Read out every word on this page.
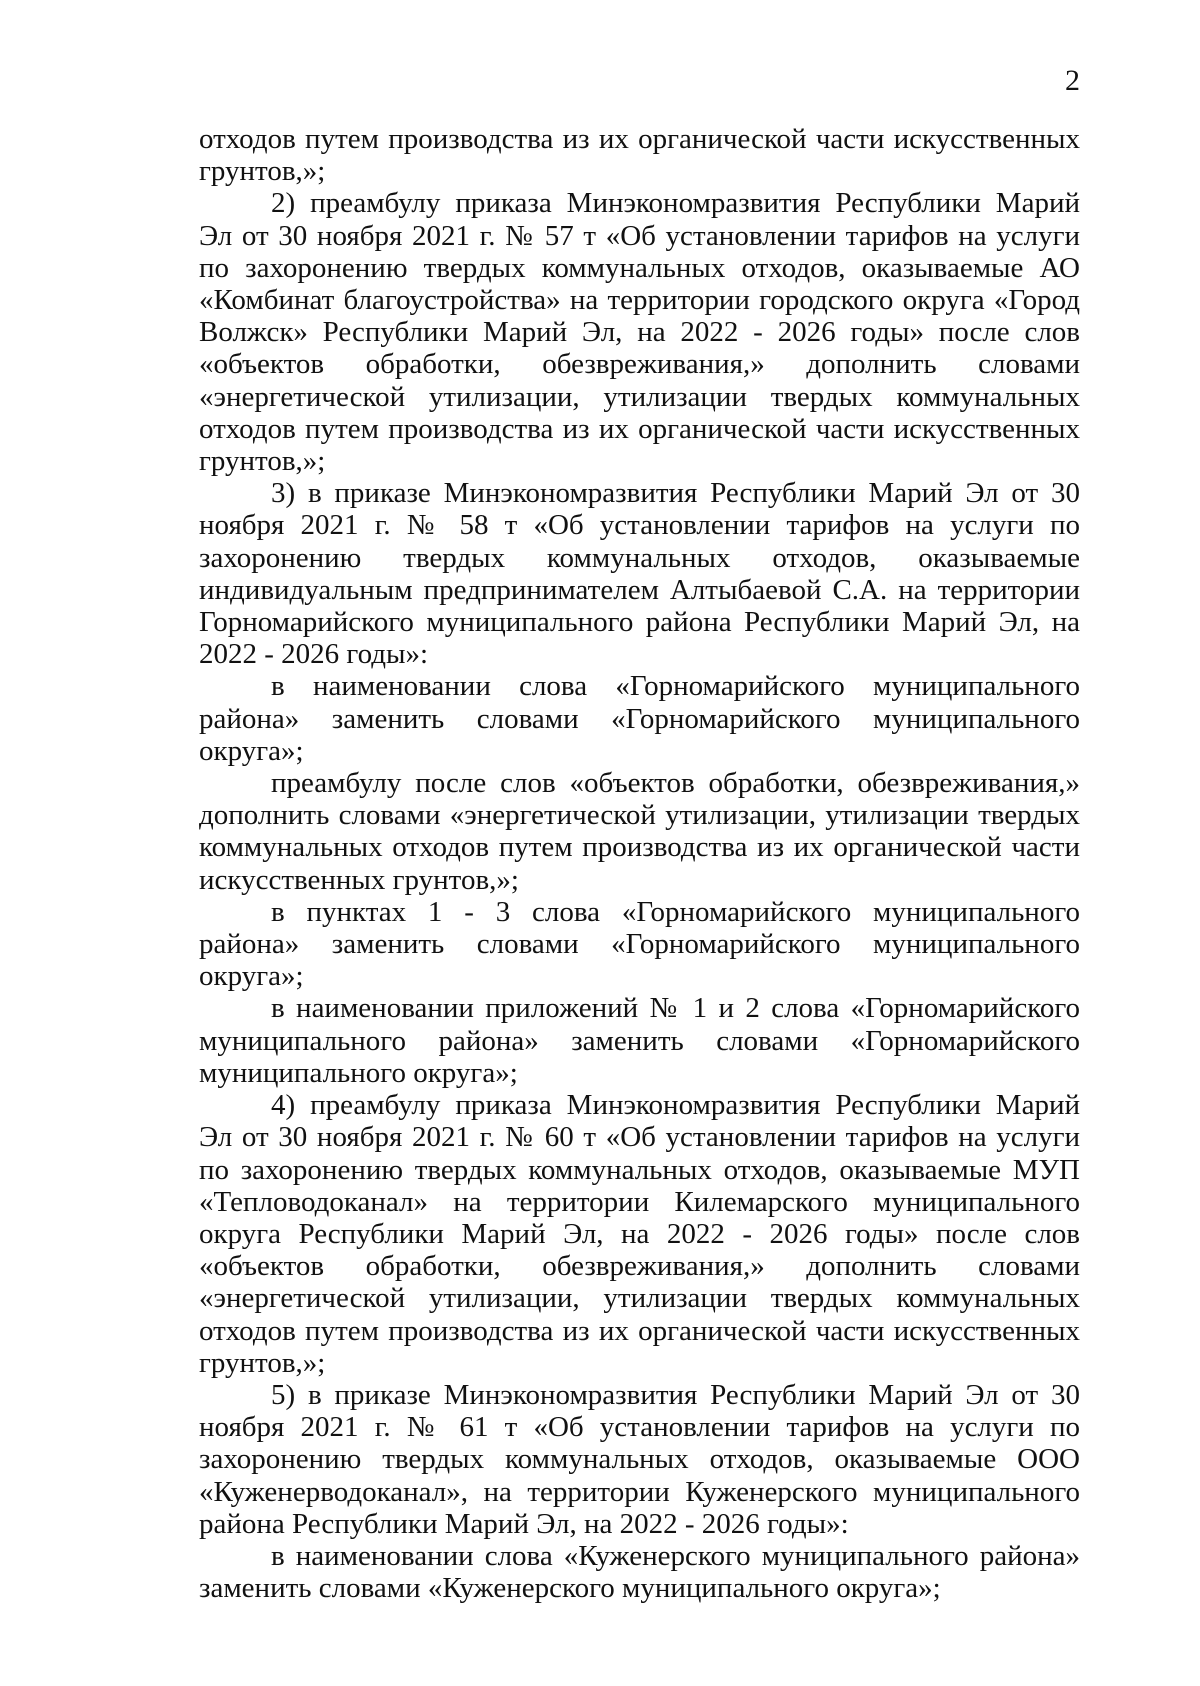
2

отходов путем производства из их органической части искусственных грунтов,»;

2) преамбулу приказа Минэкономразвития Республики Марий Эл от 30 ноября 2021 г. № 57 т «Об установлении тарифов на услуги по захоронению твердых коммунальных отходов, оказываемые АО «Комбинат благоустройства» на территории городского округа «Город Волжск» Республики Марий Эл, на 2022 - 2026 годы» после слов «объектов обработки, обезвреживания,» дополнить словами «энергетической утилизации, утилизации твердых коммунальных отходов путем производства из их органической части искусственных грунтов,»;

3) в приказе Минэкономразвития Республики Марий Эл от 30 ноября 2021 г. № 58 т «Об установлении тарифов на услуги по захоронению твердых коммунальных отходов, оказываемые индивидуальным предпринимателем Алтыбаевой С.А. на территории Горномарийского муниципального района Республики Марий Эл, на 2022 - 2026 годы»:

в наименовании слова «Горномарийского муниципального района» заменить словами «Горномарийского муниципального округа»;

преамбулу после слов «объектов обработки, обезвреживания,» дополнить словами «энергетической утилизации, утилизации твердых коммунальных отходов путем производства из их органической части искусственных грунтов,»;

в пунктах 1 - 3 слова «Горномарийского муниципального района» заменить словами «Горномарийского муниципального округа»;

в наименовании приложений № 1 и 2 слова «Горномарийского муниципального района» заменить словами «Горномарийского муниципального округа»;

4) преамбулу приказа Минэкономразвития Республики Марий Эл от 30 ноября 2021 г. № 60 т «Об установлении тарифов на услуги по захоронению твердых коммунальных отходов, оказываемые МУП «Тепловодоканал» на территории Килемарского муниципального округа Республики Марий Эл, на 2022 - 2026 годы» после слов «объектов обработки, обезвреживания,» дополнить словами «энергетической утилизации, утилизации твердых коммунальных отходов путем производства из их органической части искусственных грунтов,»;

5) в приказе Минэкономразвития Республики Марий Эл от 30 ноября 2021 г. № 61 т «Об установлении тарифов на услуги по захоронению твердых коммунальных отходов, оказываемые ООО «Куженерводоканал», на территории Куженерского муниципального района Республики Марий Эл, на 2022 - 2026 годы»:

в наименовании слова «Куженерского муниципального района» заменить словами «Куженерского муниципального округа»;
